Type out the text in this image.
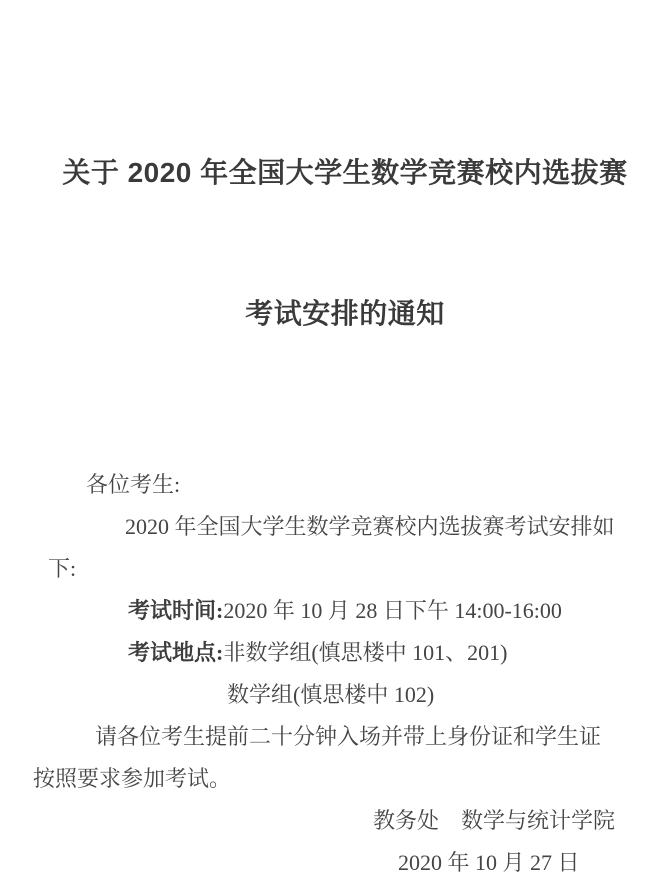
关于 2020 年全国大学生数学竞赛校内选拔赛

考试安排的通知

各位考生:

2020 年全国大学生数学竞赛校内选拔赛考试安排如

下:

考试时间:2020 年 10 月 28 日下午 14:00-16:00

考试地点:非数学组(慎思楼中 101、201)

数学组(慎思楼中 102)

请各位考生提前二十分钟入场并带上身份证和学生证

按照要求参加考试。

教务处　数学与统计学院

2020 年 10 月 27 日
